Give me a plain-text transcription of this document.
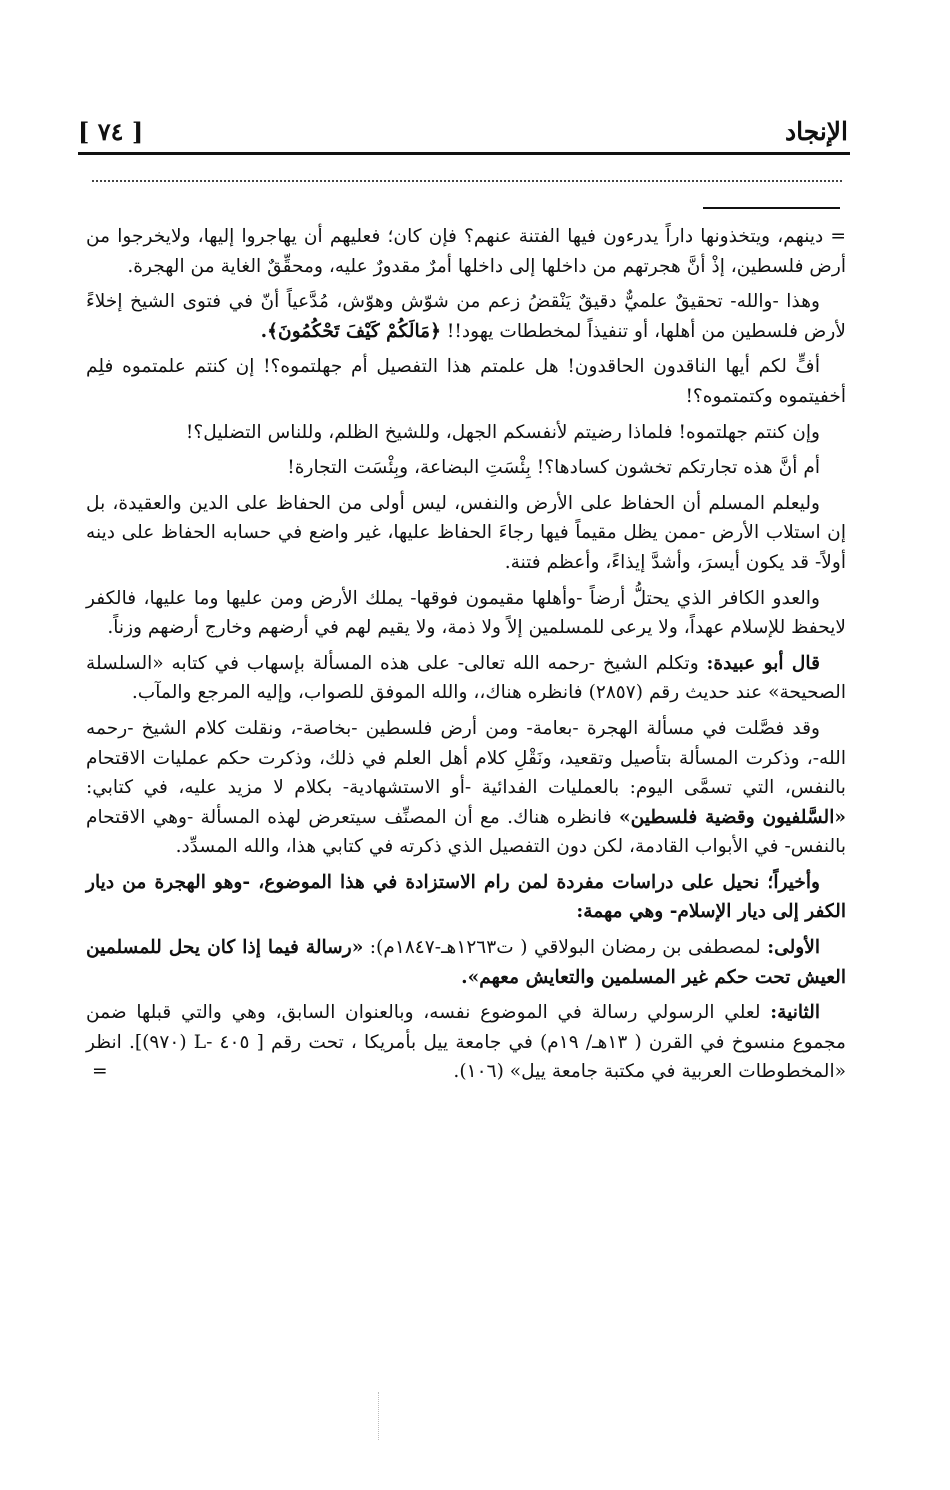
الإنجاد
[ ٧٤ ]

= دينهم، ويتخذونها داراً يدرءون فيها الفتنة عنهم؟ فإن كان؛ فعليهم أن يهاجروا إليها، ولايخرجوا من أرض فلسطين، إذْ أنَّ هجرتهم من داخلها إلى داخلها أمرٌ مقدورٌ عليه، ومحقِّقٌ الغاية من الهجرة.

وهذا -والله- تحقيقٌ علميٌّ دقيقٌ يَنْقضُ زعم من شوّش وهوّش، مُدَّعياً أنّ في فتوى الشيخ إخلاءً لأرض فلسطين من أهلها، أو تنفيذاً لمخططات يهود!! ﴿مَالَكُمْ كَيْفَ تَحْكُمُونَ﴾.

أفٍّ لكم أيها الناقدون الحاقدون! هل علمتم هذا التفصيل أم جهلتموه؟! إن كنتم علمتموه فلِم أخفيتموه وكتمتموه؟!

وإن كنتم جهلتموه! فلماذا رضيتم لأنفسكم الجهل، وللشيخ الظلم، وللناس التضليل؟!

أم أنَّ هذه تجارتكم تخشون كسادها؟! بِئْسَتِ البضاعة، وبِئْسَت التجارة!

وليعلم المسلم أن الحفاظ على الأرض والنفس، ليس أولى من الحفاظ على الدين والعقيدة، بل إن استلاب الأرض -ممن يظل مقيماً فيها رجاءَ الحفاظ عليها، غير واضع في حسابه الحفاظ على دينه أولاً- قد يكون أيسرَ، وأشدَّ إيذاءً، وأعظم فتنة.

والعدو الكافر الذي يحتلُّ أرضاً -وأهلها مقيمون فوقها- يملك الأرض ومن عليها وما عليها، فالكفر لايحفظ للإسلام عهداً، ولا يرعى للمسلمين إلاً ولا ذمة، ولا يقيم لهم في أرضهم وخارج أرضهم وزناً.

قال أبو عبيدة: وتكلم الشيخ -رحمه الله تعالى- على هذه المسألة بإسهاب في كتابه «السلسلة الصحيحة» عند حديث رقم (٢٨٥٧) فانظره هناك،، والله الموفق للصواب، وإليه المرجع والمآب.

وقد فصَّلت في مسألة الهجرة -بعامة- ومن أرض فلسطين -بخاصة-، ونقلت كلام الشيخ -رحمه الله-، وذكرت المسألة بتأصيل وتقعيد، ونَقْلِ كلام أهل العلم في ذلك، وذكرت حكم عمليات الاقتحام بالنفس، التي تسمَّى اليوم: بالعمليات الفدائية -أو الاستشهادية- بكلام لا مزيد عليه، في كتابي: «السَّلفيون وقضية فلسطين» فانظره هناك. مع أن المصنِّف سيتعرض لهذه المسألة -وهي الاقتحام بالنفس- في الأبواب القادمة، لكن دون التفصيل الذي ذكرته في كتابي هذا، والله المسدِّد.

وأخيراً؛ نحيل على دراسات مفردة لمن رام الاستزادة في هذا الموضوع، -وهو الهجرة من ديار الكفر إلى ديار الإسلام- وهي مهمة:

الأولى: لمصطفى بن رمضان البولاقي ( ت١٢٦٣هـ-١٨٤٧م): «رسالة فيما إذا كان يحل للمسلمين العيش تحت حكم غير المسلمين والتعايش معهم».

الثانية: لعلي الرسولي رسالة في الموضوع نفسه، وبالعنوان السابق، وهي والتي قبلها ضمن مجموع منسوخ في القرن ( ١٣هـ/ ١٩م) في جامعة ييل بأمريكا ، تحت رقم [ ٤٠٥ -L (٩٧٠)]. انظر «المخطوطات العربية في مكتبة جامعة ييل» (١٠٦).
=
